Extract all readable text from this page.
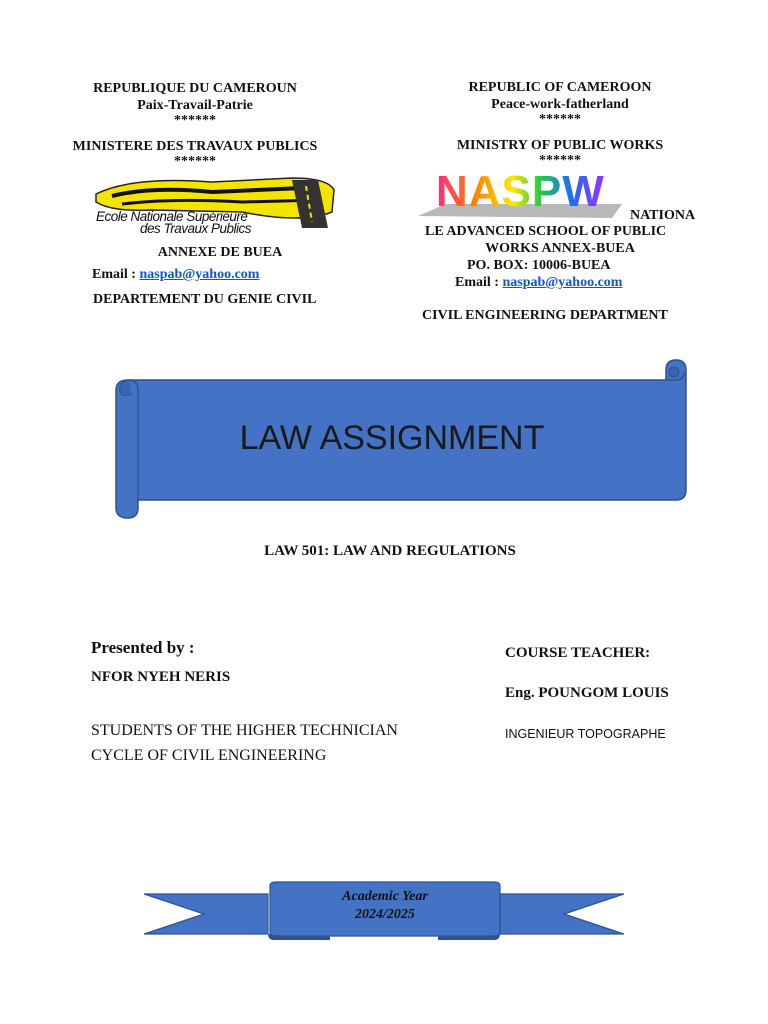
REPUBLIQUE DU CAMEROUN
Paix-Travail-Patrie
******
MINISTERE DES TRAVAUX PUBLICS
******
Ecole Nationale Supérieure
des Travaux Publics
ANNEXE DE BUEA
Email : naspab@yahoo.com
DEPARTEMENT DU GENIE CIVIL
REPUBLIC OF CAMEROON
Peace-work-fatherland
******
MINISTRY OF PUBLIC WORKS
******
NASPW NATIONA
LE ADVANCED SCHOOL OF PUBLIC
WORKS ANNEX-BUEA
PO. BOX: 10006-BUEA
Email : naspab@yahoo.com
CIVIL ENGINEERING DEPARTMENT
LAW ASSIGNMENT
LAW 501: LAW AND REGULATIONS
Presented by :
NFOR NYEH NERIS
STUDENTS OF THE HIGHER TECHNICIAN
CYCLE OF CIVIL ENGINEERING
COURSE TEACHER:
Eng. POUNGOM LOUIS
INGENIEUR TOPOGRAPHE
Academic Year
2024/2025
